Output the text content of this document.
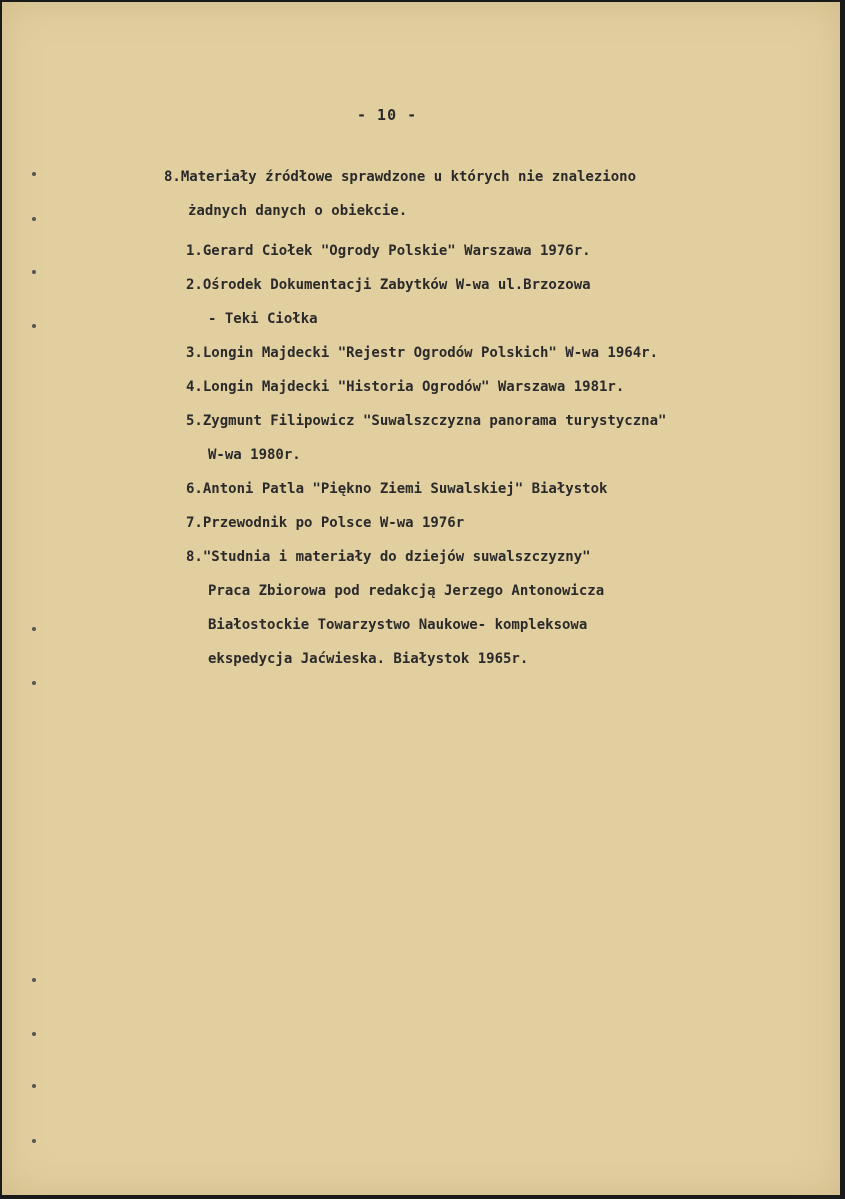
- 10 -
8.Materiały źródłowe sprawdzone u których nie znaleziono
żadnych danych o obiekcie.
1.Gerard Ciołek "Ogrody Polskie" Warszawa 1976r.
2.Ośrodek Dokumentacji Zabytków W-wa ul.Brzozowa
- Teki Ciołka
3.Longin Majdecki "Rejestr Ogrodów Polskich" W-wa 1964r.
4.Longin Majdecki "Historia Ogrodów" Warszawa 1981r.
5.Zygmunt Filipowicz "Suwalszczyzna panorama turystyczna"
W-wa 1980r.
6.Antoni Patla "Piękno Ziemi Suwalskiej" Białystok
7.Przewodnik po Polsce W-wa 1976r
8."Studnia i materiały do dziejów suwalszczyzny"
Praca Zbiorowa pod redakcją Jerzego Antonowicza
Białostockie Towarzystwo Naukowe- kompleksowa
ekspedycja Jaćwieska. Białystok 1965r.
